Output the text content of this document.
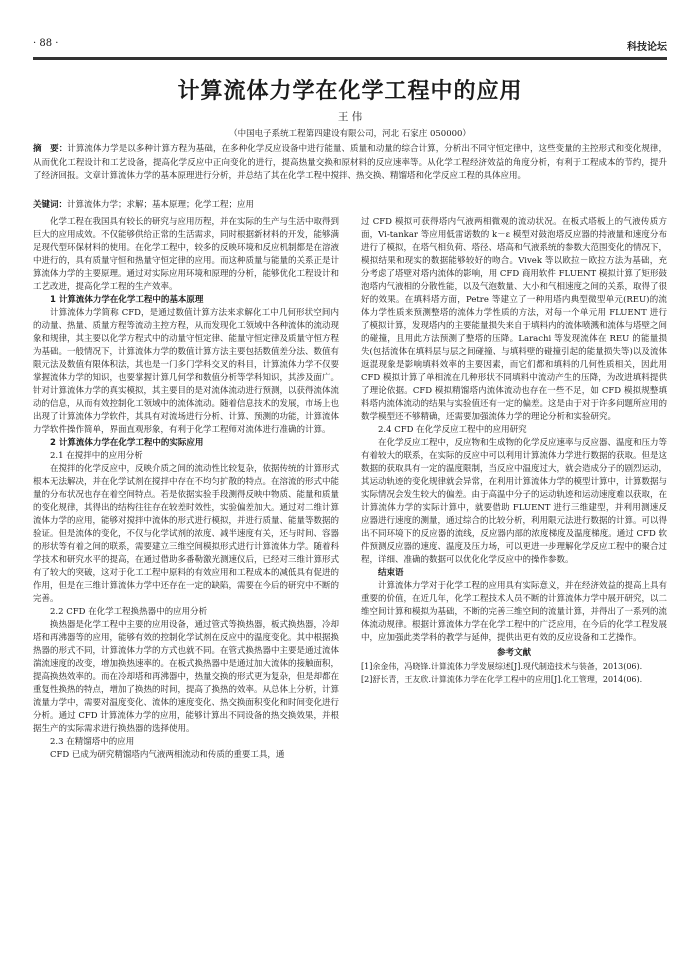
· 88 ·	科技论坛
计算流体力学在化学工程中的应用
王 伟
（中国电子系统工程第四建设有限公司，河北 石家庄 050000）
摘　要：计算流体力学是以多种计算方程为基础，在多种化学反应设备中进行能量、质量和动量的综合计算，分析出不同守恒定律中，这些变量的主控形式和变化规律，从而优化工程设计和工艺设备，提高化学反应中正向变化的进行，提高热量交换和原材料的反应速率等。从化学工程经济效益的角度分析，有利于工程成本的节约，提升了经济回报。文章计算流体力学的基本原理进行分析，并总结了其在化学工程中搅拌、热交换、精馏塔和化学反应工程的具体应用。
关键词：计算流体力学；求解；基本原理；化学工程；应用

化学工程在我国具有较长的研究与应用历程，并在实际的生产与生活中取得到巨大的应用成效。不仅能够供给正常的生活需求，同时根据新材料的开发，能够满足现代型环保材料的使用。在化学工程中，较多的反映环境和反应机制都是在溶液中进行的，具有质量守恒和热量守恒定律的应用。而这种质量与能量的关系正是计算流体力学的主要原理。通过对实际应用环境和原理的分析，能够优化工程设计和工艺改进，提高化学工程的生产效率。

1 计算流体力学在化学工程中的基本原理

计算流体力学简称 CFD，是通过数值计算方法来求解化工中几何形状空间内的动量、热量、质量方程等流动主控方程，从而发现化工领域中各种流体的流动现象和规律，其主要以化学方程式中的动量守恒定律、能量守恒定律及质量守恒方程为基础。一般情况下，计算流体力学的数值计算方法主要包括数值差分法、数值有限元法及数值有限体积法，其也是一门多门学科交叉的科目，计算流体力学不仅要掌握流体力学的知识，也要掌握计算几何学和数值分析等学科知识，其涉及面广。针对计算流体力学的真实模拟，其主要目的是对流体流动进行预测，以获得流体流动的信息，从而有效控制化工领域中的流体流动。随着信息技术的发展，市场上也出现了计算流体力学软件，其具有对流场进行分析、计算、预测的功能，计算流体力学软件操作简单，界面直观形象，有利于化学工程师对流体进行准确的计算。

2 计算流体力学在化学工程中的实际应用
2.1 在搅拌中的应用分析

在搅拌的化学反应中，反映介质之间的流动性比较复杂，依据传统的计算形式根本无法解决，并在化学试剂在搅拌中存在不均匀扩散的特点。在溶流的形式中能量的分布状况也存在着空间特点。若是依据实验手段测得反映中物质、能量和质量的变化规律，其得出的结构往往存在较差时效性，实验偏差加大。通过对二维计算流体力学的应用，能够对搅拌中流体的形式进行模拟，并进行质量、能量等数据的验证。但是流体的变化，不仅与化学试剂的浓度、减半速度有关，还与时间、容器的形状等有着之间的联系，需要建立三维空间模拟形式进行计算流体力学。随着科学技术和研究水平的提高，在通过借助多番勒激光测速仪后，已经对三维计算形式有了较大的突破，这对于化工工程中原料的有效应用和工程成本的减低具有促进的作用，但是在三维计算流体力学中还存在一定的缺陷，需要在今后的研究中不断的完善。

2.2 CFD 在化学工程换热器中的应用分析

换热器是化学工程中主要的应用设备，通过管式等换热器，板式换热器，冷却塔和再沸器等的应用，能够有效的控制化学试剂在反应中的温度变化。其中根据换热器的形式不同，计算流体力学的方式也就不同。在管式换热器中主要是通过流体湍流速度的改变，增加换热速率的。在板式换热器中是通过加大流体的接触面积，提高换热效率的。而在冷却塔和再沸器中，热量交换的形式更为复杂，但是却都在重复性换热的特点，增加了换热的时间，提高了换热的效率。从总体上分析，计算流量力学中，需要对温度变化、流体的速度变化、热交换面积变化和时间变化进行分析。通过 CFD 计算流体力学的应用，能够计算出不同设备的热交换效果，并根据生产的实际需求进行换热器的选择使用。

2.3 在精馏塔中的应用

CFD 已成为研究精馏塔内气液两相流动和传质的重要工具，通

过 CFD 模拟可获得塔内气液两相微观的流动状况。在板式塔板上的气液传质方面，Vi-tankar 等应用低雷诺数的 k－ε 模型对鼓泡塔反应器的持液量和速度分布进行了模拟，在塔气相负荷、塔径、塔高和气液系统的参数大范围变化的情况下，模拟结果和现实的数据能够较好的吻合。Vivek 等以欧拉－欧拉方法为基础，充分考虑了塔壁对塔内流体的影响，用 CFD 商用软件 FLUENT 模拟计算了矩形鼓泡塔内气液相的分散性能，以及气泡数量、大小和气相速度之间的关系，取得了很好的效果。在填料塔方面，Petre 等建立了一种用塔内典型微型单元(REU)的流体力学性质来预测整塔的流体力学性质的方法，对每一个单元用 FLUENT 进行了模拟计算，发现塔内的主要能量损失来自于填料内的流体喷溅和流体与塔壁之间的碰撞，且用此方法预测了整塔的压降。Larachi 等发现流体在 REU 的能量损失(包括流体在填料层与层之间碰撞、与填料壁的碰撞引起的能量损失等)以及流体返混现象是影响填料效率的主要因素，而它们都和填料的几何性质相关，因此用 CFD 模拟计算了单相流在几种形状不同填料中流动产生的压降，为改进填料提供了理论依据。CFD 模拟精馏塔内流体流动也存在一些不足，如 CFD 模拟规整填料塔内流体流动的结果与实验值还有一定的偏差。这是由于对于许多问题所应用的数学模型还不够精确，还需要加强流体力学的理论分析和实验研究。

2.4 CFD 在化学反应工程中的应用研究

在化学反应工程中，反应物和生成物的化学反应速率与反应器、温度和压力等有着较大的联系，在实际的反应中可以利用计算流体力学进行数据的获取。但是这数据的获取具有一定的温度限制，当反应中温度过大，就会造成分子的剧烈运动，其运动轨迹的变化规律就会异常，在利用计算流体力学的模型计算中，计算数据与实际情况会发生较大的偏差。由于高温中分子的运动轨迹和运动速度难以获取，在计算流体力学的实际计算中，就要借助 FLUENT 进行三维建型，并利用测速反应器进行速度的测量，通过综合的比较分析，利用限元法进行数据的计算。可以得出不同环境下的反应器的流线，反应器内部的浓度梯度及温度梯度。通过 CFD 软件预测反应器的速度、温度及压力场，可以更进一步理解化学反应工程中的聚合过程，详细、准确的数据可以优化化学反应中的操作参数。

结束语

计算流体力学对于化学工程的应用具有实际意义，并在经济效益的提高上具有重要的价值，在近几年，化学工程技术人员不断的计算流体力学中展开研究，以二维空间计算和模拟为基础，不断的完善三维空间的流量计算，并得出了一系列的流体流动规律。根据计算流体力学在化学工程中的广泛应用，在今后的化学工程发展中，应加强此类学科的教学与延伸，提供出更有效的反应设备和工艺操作。

参考文献
[1]余金伟，冯晓锋.计算流体力学发展综述[J].现代制造技术与装备，2013(06).
[2]舒长青，王友欣.计算流体力学在化学工程中的应用[J].化工管理，2014(06).
